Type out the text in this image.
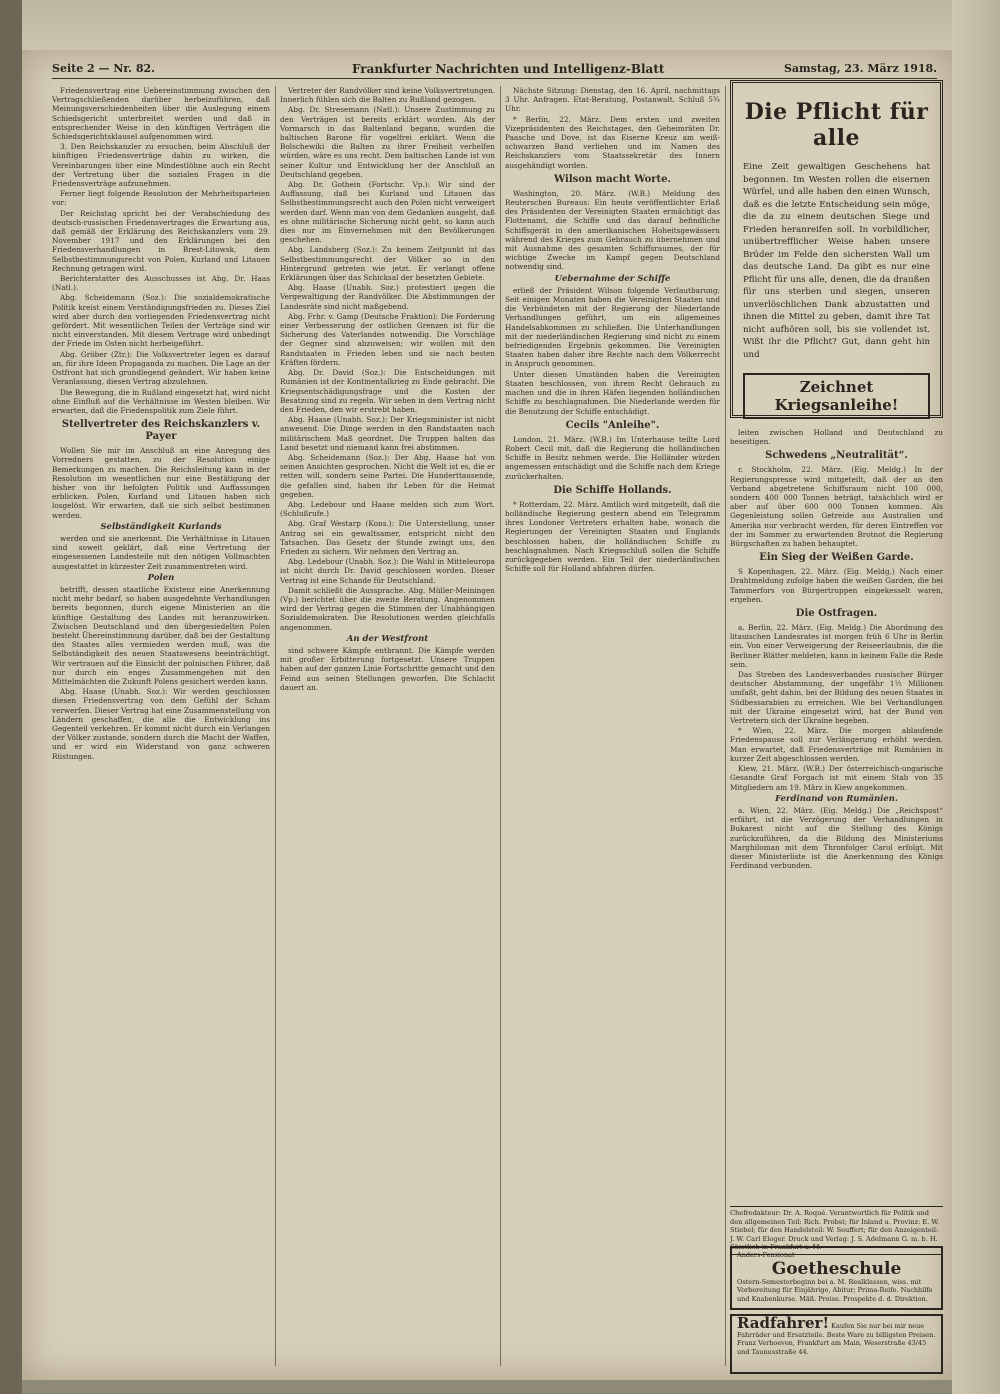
Seite 2 — Nr. 82.	Frankfurter Nachrichten und Intelligenz-Blatt	Samstag, 23. März 1918.

Friedensvertrag eine Uebereinstimmung zwischen den Vertragschließenden darüber herbeizuführen, daß Meinungsverschiedenheiten über die Auslegung einem Schiedsgericht unterbreitet werden und daß in entsprechender Weise in den künftigen Verträgen die Schiedsgerichtsklausel aufgenommen wird.

3. Den Reichskanzler zu ersuchen, beim Abschluß der künftigen Friedensverträge dahin zu wirken, die Vereinbarungen über eine Mindestlöhne auch ein Recht der Vertretung über die sozialen Fragen in die Friedensverträge aufzunehmen.

Ferner liegt folgende Resolution der Mehrheitsparteien vor:

Der Reichstag spricht bei der Verabschiedung des deutsch-russischen Friedensvertrages die Erwartung aus, daß gemäß der Erklärung des Reichskanzlers vom 29. November 1917 und den Erklärungen bei den Friedensverhandlungen in Brest-Litowsk, dem Selbstbestimmungsrecht von Polen, Kurland und Litauen Rechnung getragen wird.

Berichterstatter des Ausschusses ist Abg. Dr. Haas (Natl.).

Abg. Scheidemann (Soz.): Die sozialdemokratische Politik kreist einem Verständigungsfrieden zu. Dieses Ziel wird aber durch den vorliegenden Friedensvertrag nicht gefördert. Mit wesentlichen Teilen der Verträge sind wir nicht einverstanden. Mit diesem Vertrage wird unbedingt der Friede im Osten nicht herbeigeführt.

Abg. Gröber (Ztr.): Die Volksvertreter legen es darauf an, für ihre Ideen Propaganda zu machen. Die Lage an der Ostfront hat sich grundlegend geändert. Wir haben keine Veranlassung, diesen Vertrag abzulehnen.

Die Bewegung, die in Rußland eingesetzt hat, wird nicht ohne Einfluß auf die Verhältnisse im Westen bleiben. Wir erwarten, daß die Friedenspolitik zum Ziele führt.

Stellvertreter des Reichskanzlers v. Payer

Wollen Sie mir im Anschluß an eine Anregung des Vorredners gestatten, zu der Resolution einige Bemerkungen zu machen. Die Reichsleitung kann in der Resolution im wesentlichen nur eine Bestätigung der bisher von ihr befolgten Politik und Auffassungen erblicken. Polen, Kurland und Litauen haben sich losgelöst. Wir erwarten, daß sie sich selbst bestimmen werden.

Selbständigkeit Kurlands

werden und sie anerkennt. Die Verhältnisse in Litauen sind soweit geklärt, daß eine Vertretung der eingesessenen Landesteile mit den nötigen Vollmachten ausgestattet in kürzester Zeit zusammentreten wird.

Polen

betrifft, dessen staatliche Existenz eine Anerkennung nicht mehr bedarf, so haben ausgedehnte Verhandlungen bereits begonnen, durch eigene Ministerien an die künftige Gestaltung des Landes mit heranzuwirken. Zwischen Deutschland und den übergesiedelten Polen besteht Übereinstimmung darüber, daß bei der Gestaltung des Staates alles vermieden werden muß, was die Selbständigkeit des neuen Staatswesens beeinträchtigt. Wir vertrauen auf die Einsicht der polnischen Führer, daß nur durch ein enges Zusammengehen mit den Mittelmächten die Zukunft Polens gesichert werden kann.

Abg. Haase (Unabh. Soz.): Wir werden geschlossen diesen Friedensvertrag von dem Gefühl der Scham verwerfen. Dieser Vertrag hat eine Zusammenstellung von Ländern geschaffen, die alle die Entwicklung ins Gegenteil verkehren. Er kommt nicht durch ein Verlangen der Völker zustande, sondern durch die Macht der Waffen, und er wird ein Widerstand von ganz schweren Rüstungen.

Vertreter der Randvölker sind keine Volksvertretungen. Innerlich fühlen sich die Balten zu Rußland gezogen.

Abg. Dr. Stresemann (Natl.): Unsere Zustimmung zu den Verträgen ist bereits erklärt worden. Als der Vormarsch in das Baltenland begann, wurden die baltischen Barone für vogelfrei erklärt. Wenn die Bolschewiki die Balten zu ihrer Freiheit verhelfen würden, wäre es uns recht. Dem baltischen Lande ist von seiner Kultur und Entwicklung her der Anschluß an Deutschland gegeben.

Abg. Dr. Gothein (Fortschr. Vp.): Wir sind der Auffassung, daß bei Kurland und Litauen das Selbstbestimmungsrecht auch den Polen nicht verweigert werden darf. Wenn man von dem Gedanken ausgeht, daß es ohne militärische Sicherung nicht geht, so kann auch dies nur im Einvernehmen mit den Bevölkerungen geschehen.

Abg. Landsberg (Soz.): Zu keinem Zeitpunkt ist das Selbstbestimmungsrecht der Völker so in den Hintergrund getreten wie jetzt. Er verlangt offene Erklärungen über das Schicksal der besetzten Gebiete.

Abg. Haase (Unabh. Soz.) protestiert gegen die Vergewaltigung der Randvölker. Die Abstimmungen der Landesräte sind nicht maßgebend.

Abg. Frhr. v. Gamp (Deutsche Fraktion): Die Forderung einer Verbesserung der ostlichen Grenzen ist für die Sicherung des Vaterlandes notwendig. Die Vorschläge der Gegner sind abzuweisen; wir wollen mit den Randstaaten in Frieden leben und sie nach besten Kräften fördern.

Abg. Dr. David (Soz.): Die Entscheidungen mit Rumänien ist der Kontinentalkrieg zu Ende gebracht. Die Kriegsentschädigungsfrage und die Kosten der Besatzung sind zu regeln. Wir sehen in dem Vertrag nicht den Frieden, den wir erstrebt haben.

Abg. Haase (Unabh. Soz.): Der Kriegsminister ist nicht anwesend. Die Dinge werden in den Randstaaten nach militärischem Maß geordnet. Die Truppen halten das Land besetzt und niemand kann frei abstimmen.

Abg. Scheidemann (Soz.): Der Abg. Haase hat von seinen Ansichten gesprochen. Nicht die Welt ist es, die er retten will, sondern seine Partei. Die Hunderttausende, die gefallen sind, haben ihr Leben für die Heimat gegeben.

Abg. Ledebour und Haase melden sich zum Wort. (Schlußrufe.)

Abg. Graf Westarp (Kons.): Die Unterstellung, unser Antrag sei ein gewaltsamer, entspricht nicht den Tatsachen. Das Gesetz der Stunde zwingt uns, den Frieden zu sichern. Wir nehmen den Vertrag an.

Abg. Ledebour (Unabh. Soz.): Die Wahl in Mitteleuropa ist nicht durch Dr. David geschlossen worden. Dieser Vertrag ist eine Schande für Deutschland.

Damit schließt die Aussprache. Abg. Müller-Meiningen (Vp.) berichtet über die zweite Beratung. Angenommen wird der Vertrag gegen die Stimmen der Unabhängigen Sozialdemokraten. Die Resolutionen werden gleichfalls angenommen.

An der Westfront

sind schwere Kämpfe entbrannt. Die Kämpfe werden mit großer Erbitterung fortgesetzt. Unsere Truppen haben auf der ganzen Linie Fortschritte gemacht und den Feind aus seinen Stellungen geworfen. Die Schlacht dauert an.

Nächste Sitzung: Dienstag, den 16. April, nachmittags 3 Uhr. Anfragen. Etat-Beratung, Postanwalt. Schluß 5¾ Uhr.

* Berlin, 22. März. Dem ersten und zweiten Vizepräsidenten des Reichstages, den Geheimräten Dr. Paasche und Dove, ist das Eiserne Kreuz am weiß-schwarzen Band verliehen und im Namen des Reichskanzlers vom Staatssekretär des Innern ausgehändigt worden.

Wilson macht Worte.

Washington, 20. März. (W.B.) Meldung des Reuterschen Bureaus: Ein heute veröffentlichter Erlaß des Präsidenten der Vereinigten Staaten ermächtigt das Flottenamt, die Schiffe und das darauf befindliche Schiffsgerät in den amerikanischen Hoheitsgewässern während des Krieges zum Gebrauch zu übernehmen und mit Ausnahme des gesamten Schiffsraumes, der für wichtige Zwecke im Kampf gegen Deutschland notwendig sind.

Uebernahme der Schiffe

erließ der Präsident Wilson folgende Verlautbarung: Seit einigen Monaten haben die Vereinigten Staaten und die Verbündeten mit der Regierung der Niederlande Verhandlungen geführt, um ein allgemeines Handelsabkommen zu schließen. Die Unterhandlungen mit der niederländischen Regierung sind nicht zu einem befriedigenden Ergebnis gekommen. Die Vereinigten Staaten haben daher ihre Rechte nach dem Völkerrecht in Anspruch genommen.

Unter diesen Umständen haben die Vereinigten Staaten beschlossen, von ihrem Recht Gebrauch zu machen und die in ihren Häfen liegenden holländischen Schiffe zu beschlagnahmen. Die Niederlande werden für die Benutzung der Schiffe entschädigt.

Cecils "Anleihe".

London, 21. März. (W.B.) Im Unterhause teilte Lord Robert Cecil mit, daß die Regierung die holländischen Schiffe in Besitz nehmen werde. Die Holländer würden angemessen entschädigt und die Schiffe nach dem Kriege zurückerhalten.

Die Schiffe Hollands.

* Rotterdam, 22. März. Amtlich wird mitgeteilt, daß die holländische Regierung gestern abend ein Telegramm ihres Londoner Vertreters erhalten habe, wonach die Regierungen der Vereinigten Staaten und Englands beschlossen haben, die holländischen Schiffe zu beschlagnahmen. Nach Kriegsschluß sollen die Schiffe zurückgegeben werden. Ein Teil der niederländischen Schiffe soll für Holland abfahren dürfen.

Die Pflicht für alle
Eine Zeit gewaltigen Geschehens hat begonnen. Im Westen rollen die eisernen Würfel, und alle haben den einen Wunsch, daß es die letzte Entscheidung sein möge, die da zu einem deutschen Siege und Frieden heranreifen soll. In vorbildlicher, unübertrefflicher Weise haben unsere Brüder im Felde den sichersten Wall um das deutsche Land. Da gibt es nur eine Pflicht für uns alle, denen, die da draußen für uns sterben und siegen, unseren unverlöschlichen Dank abzustatten und ihnen die Mittel zu geben, damit ihre Tat nicht aufhören soll, bis sie vollendet ist. Wißt ihr die Pflicht? Gut, dann geht hin und
Zeichnet Kriegsanleihe!

leiten zwischen Holland und Deutschland zu beseitigen.

Schwedens „Neutralität“.

r. Stockholm, 22. März. (Eig. Meldg.) In der Regierungspresse wird mitgeteilt, daß der an den Verband abgetretene Schiffsraum nicht 100 000, sondern 400 000 Tonnen beträgt, tatsächlich wird er aber auf über 600 000 Tonnen kommen. Als Gegenleistung sollen Getreide aus Australien und Amerika nur verbracht werden, für deren Eintreffen vor der im Sommer zu erwartenden Brotnot die Regierung Bürgschaften zu haben behauptet.

Ein Sieg der Weißen Garde.

S Kopenhagen, 22. März. (Eig. Meldg.) Nach einer Drahtmeldung zufolge haben die weißen Garden, die bei Tammerfors von Bürgertruppen eingekesselt waren, ergeben.

Die Ostfragen.

a. Berlin, 22. März. (Eig. Meldg.) Die Abordnung des litauischen Landesrates ist morgen früh 6 Uhr in Berlin ein. Von einer Verweigerung der Reiseerlaubnis, die die Berliner Blätter meldeten, kann in keinem Falle die Rede sein.

Das Streben des Landesverbandes russischer Bürger deutscher Abstammung, der ungefähr 1½ Millionen umfaßt, geht dahin, bei der Bildung des neuen Staates in Südbessarabien zu erreichen. Wie bei Verhandlungen mit der Ukraine eingesetzt wird, hat der Bund von Vertretern sich der Ukraine begeben.

* Wien, 22. März. Die morgen ablaufende Friedenspause soll zur Verlängerung erhöht werden. Man erwartet, daß Friedensverträge mit Rumänien in kurzer Zeit abgeschlossen werden.

Kiew, 21. März. (W.B.) Der österreichisch-ungarische Gesandte Graf Forgach ist mit einem Stab von 35 Mitgliedern am 19. März in Kiew angekommen.

Ferdinand von Rumänien.

a. Wien, 22. März. (Eig. Meldg.) Die „Reichspost“ erfährt, ist die Verzögerung der Verhandlungen in Bukarest nicht auf die Stellung des Königs zurückzuführen, da die Bildung des Ministeriums Marghiloman mit dem Thronfolger Carol erfolgt. Mit dieser Ministerliste ist die Anerkennung des Königs Ferdinand verbunden.

Chefredakteur: Dr. A. Roqué. Verantwortlich für Politik und den allgemeinen Teil: Rich. Probst; für Inland u. Provinz: E. W. Stiebel; für den Handelsteil: W. Seuffert; für den Anzeigenteil: J. W. Carl Eloger. Druck und Verlag: J. S. Adelmann G. m. b. H. Sämtlich in Frankfurt a. M.
Anders-Pensionat
Goetheschule
Ostern-Semesterbeginn bei a. M. Realklassen, wiss. mit Vorbereitung für Einjährige, Abitur; Prima-Reife. Nachhilfe und Knabenkurse. Mäß. Preise. Prospekte d. d. Direktion.
Radfahrer! Kaufen Sie nur bei mir neue Fahrräder und Ersatzteile. Beste Ware zu billigsten Preisen. Franz Verhoeven, Frankfurt am Main, Weserstraße 43/45 und Taunusstraße 44.
